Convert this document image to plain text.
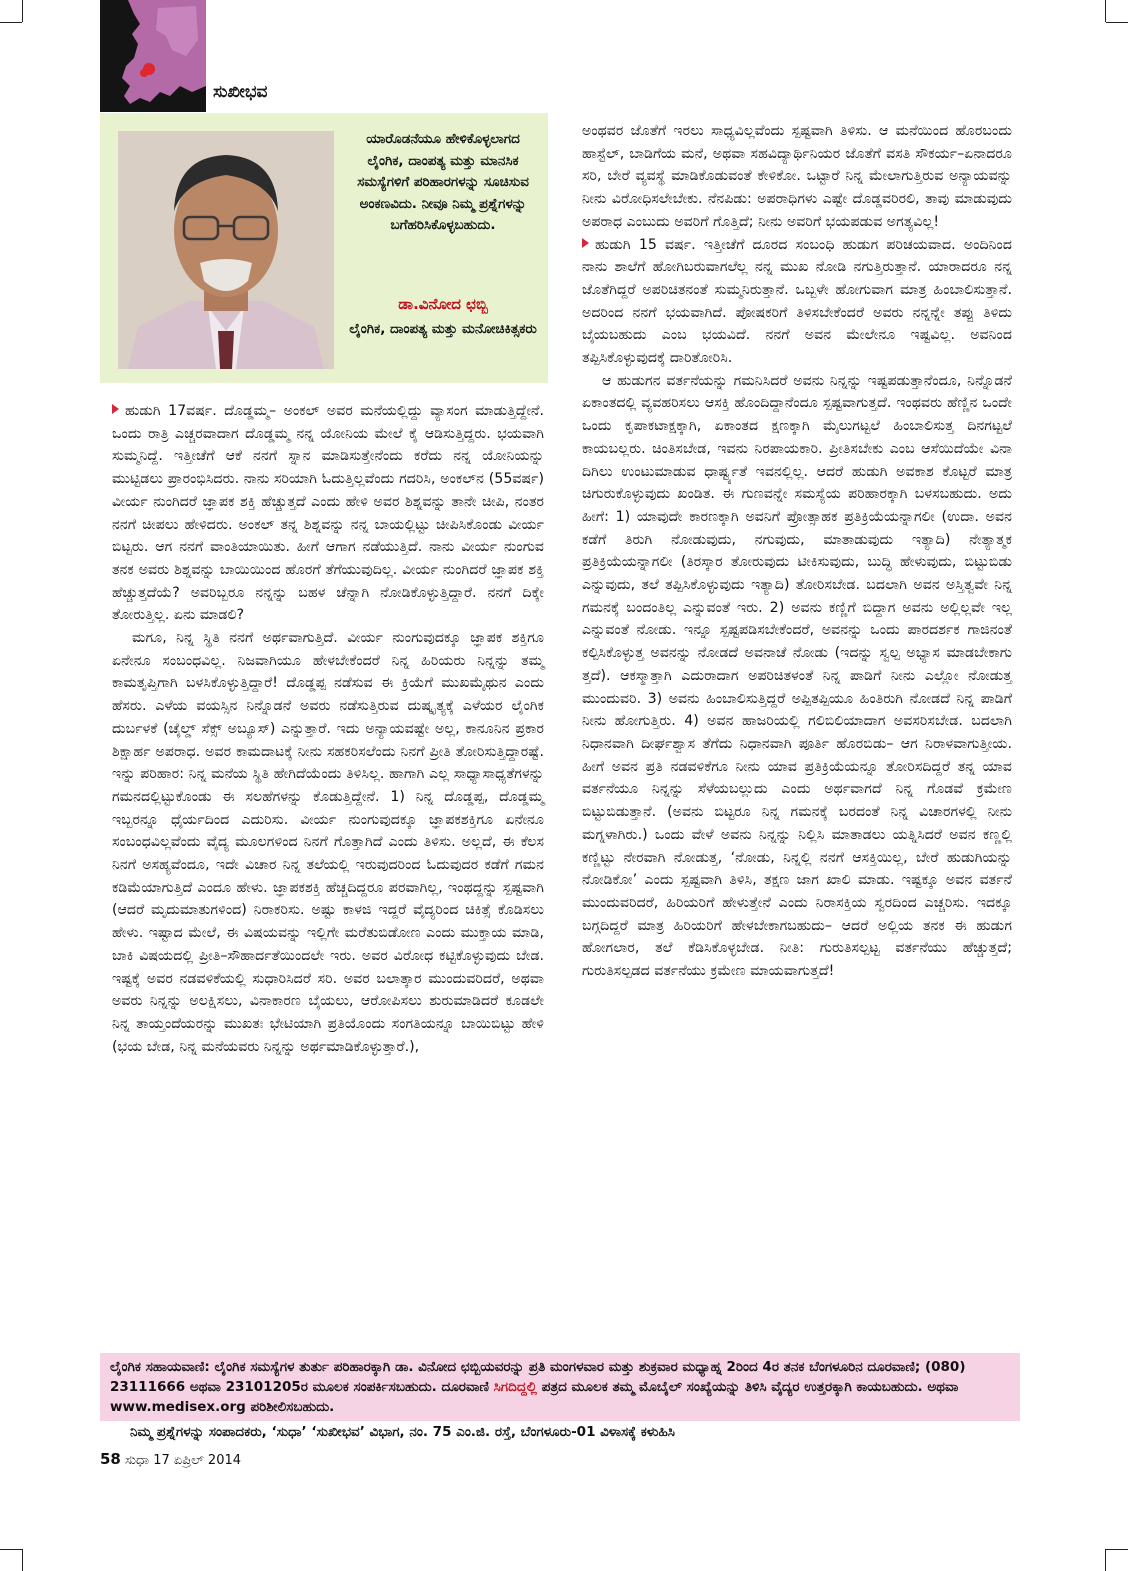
ಸುಖೀಭವ
ಯಾರೊಡನೆಯೂ ಹೇಳಿಕೊಳ್ಳಲಾಗದ ಲೈಂಗಿಕ, ದಾಂಪತ್ಯ ಮತ್ತು ಮಾನಸಿಕ ಸಮಸ್ಯೆಗಳಿಗೆ ಪರಿಹಾರಗಳನ್ನು ಸೂಚಿಸುವ ಅಂಕಣವಿದು. ನೀವೂ ನಿಮ್ಮ ಪ್ರಶ್ನೆಗಳನ್ನು ಬಗೆಹರಿಸಿಕೊಳ್ಳಬಹುದು.
ಡಾ.ವಿನೋದ ಛಬ್ಬಿ
ಲೈಂಗಿಕ, ದಾಂಪತ್ಯ ಮತ್ತು ಮನೋಚಿಕಿತ್ಸಕರು

ಹುಡುಗಿ 17ವರ್ಷ. ದೊಡ್ಡಮ್ಮ– ಅಂಕಲ್ ಅವರ ಮನೆಯಲ್ಲಿದ್ದು ವ್ಯಾಸಂಗ ಮಾಡುತ್ತಿದ್ದೇನೆ. ಒಂದು ರಾತ್ರಿ ಎಚ್ಚರವಾದಾಗ ದೊಡ್ಡಮ್ಮ ನನ್ನ ಯೋನಿಯ ಮೇಲೆ ಕೈ ಆಡಿಸುತ್ತಿದ್ದರು. ಭಯವಾಗಿ ಸುಮ್ಮನಿದ್ದೆ. ಇತ್ತೀಚೆಗೆ ಆಕೆ ನನಗೆ ಸ್ನಾನ ಮಾಡಿಸುತ್ತೇನೆಂದು ಕರೆದು ನನ್ನ ಯೋನಿಯನ್ನು ಮುಟ್ಟಿಡಲು ಪ್ರಾರಂಭಿಸಿದರು. ನಾನು ಸರಿಯಾಗಿ ಓದುತ್ತಿಲ್ಲವೆಂದು ಗದರಿಸಿ, ಅಂಕಲ್‌ನ (55ವರ್ಷ) ವೀರ್ಯ ನುಂಗಿದರೆ ಜ್ಞಾಪಕ ಶಕ್ತಿ ಹೆಚ್ಚುತ್ತದೆ ಎಂದು ಹೇಳಿ ಅವರ ಶಿಶ್ನವನ್ನು ತಾನೇ ಚೀಪಿ, ನಂತರ ನನಗೆ ಚೀಪಲು ಹೇಳಿದರು. ಅಂಕಲ್ ತನ್ನ ಶಿಶ್ನವನ್ನು ನನ್ನ ಬಾಯಲ್ಲಿಟ್ಟು ಚೀಪಿಸಿಕೊಂಡು ವೀರ್ಯ ಬಿಟ್ಟರು. ಆಗ ನನಗೆ ವಾಂತಿಯಾಯಿತು. ಹೀಗೆ ಆಗಾಗ ನಡೆಯುತ್ತಿದೆ. ನಾನು ವೀರ್ಯ ನುಂಗುವ ತನಕ ಅವರು ಶಿಶ್ನವನ್ನು ಬಾಯಿಯಿಂದ ಹೊರಗೆ ತೆಗೆಯುವುದಿಲ್ಲ. ವೀರ್ಯ ನುಂಗಿದರೆ ಜ್ಞಾಪಕ ಶಕ್ತಿ ಹೆಚ್ಚುತ್ತದೆಯೆ? ಅವರಿಬ್ಬರೂ ನನ್ನನ್ನು ಬಹಳ ಚೆನ್ನಾಗಿ ನೋಡಿಕೊಳ್ಳುತ್ತಿದ್ದಾರೆ. ನನಗೆ ದಿಕ್ಕೇ ತೋರುತ್ತಿಲ್ಲ. ಏನು ಮಾಡಲಿ?

ಮಗೂ, ನಿನ್ನ ಸ್ಥಿತಿ ನನಗೆ ಅರ್ಥವಾಗುತ್ತಿದೆ. ವೀರ್ಯ ನುಂಗುವುದಕ್ಕೂ ಜ್ಞಾಪಕ ಶಕ್ತಿಗೂ ಏನೇನೂ ಸಂಬಂಧವಿಲ್ಲ. ನಿಜವಾಗಿಯೂ ಹೇಳಬೇಕೆಂದರೆ ನಿನ್ನ ಹಿರಿಯರು ನಿನ್ನನ್ನು ತಮ್ಮ ಕಾಮತೃಪ್ತಿಗಾಗಿ ಬಳಸಿಕೊಳ್ಳುತ್ತಿದ್ದಾರೆ! ದೊಡ್ಡಪ್ಪ ನಡೆಸುವ ಈ ಕ್ರಿಯೆಗೆ ಮುಖಮೈಥುನ ಎಂದು ಹೆಸರು. ಎಳೆಯ ವಯಸ್ಸಿನ ನಿನ್ನೊಡನೆ ಅವರು ನಡೆಸುತ್ತಿರುವ ದುಷ್ಕೃತ್ಯಕ್ಕೆ ಎಳೆಯರ ಲೈಂಗಿಕ ದುರ್ಬಳಕೆ (ಚೈಲ್ಡ್ ಸೆಕ್ಸ್ ಅಬ್ಯೂಸ್) ಎನ್ನುತ್ತಾರೆ. ಇದು ಅನ್ಯಾಯವಷ್ಟೇ ಅಲ್ಲ, ಕಾನೂನಿನ ಪ್ರಕಾರ ಶಿಕ್ಷಾರ್ಹ ಅಪರಾಧ. ಅವರ ಕಾಮದಾಟಕ್ಕೆ ನೀನು ಸಹಕರಿಸಲೆಂದು ನಿನಗೆ ಪ್ರೀತಿ ತೋರಿಸುತ್ತಿದ್ದಾರಷ್ಟೆ. ಇನ್ನು ಪರಿಹಾರ: ನಿನ್ನ ಮನೆಯ ಸ್ಥಿತಿ ಹೇಗಿದೆಯೆಂದು ತಿಳಿಸಿಲ್ಲ. ಹಾಗಾಗಿ ಎಲ್ಲ ಸಾಧ್ಯಾಸಾಧ್ಯತೆಗಳನ್ನು ಗಮನದಲ್ಲಿಟ್ಟುಕೊಂಡು ಈ ಸಲಹೆಗಳನ್ನು ಕೊಡುತ್ತಿದ್ದೇನೆ. 1) ನಿನ್ನ ದೊಡ್ಡಪ್ಪ, ದೊಡ್ಡಮ್ಮ ಇಬ್ಬರನ್ನೂ ಧೈರ್ಯದಿಂದ ಎದುರಿಸು. ವೀರ್ಯ ನುಂಗುವುದಕ್ಕೂ ಜ್ಞಾಪಕಶಕ್ತಿಗೂ ಏನೇನೂ ಸಂಬಂಧವಿಲ್ಲವೆಂದು ವೈದ್ಯ ಮೂಲಗಳಿಂದ ನಿನಗೆ ಗೊತ್ತಾಗಿದೆ ಎಂದು ತಿಳಿಸು. ಅಲ್ಲದೆ, ಈ ಕೆಲಸ ನಿನಗೆ ಅಸಹ್ಯವೆಂದೂ, ಇದೇ ವಿಚಾರ ನಿನ್ನ ತಲೆಯಲ್ಲಿ ಇರುವುದರಿಂದ ಓದುವುದರ ಕಡೆಗೆ ಗಮನ ಕಡಿಮೆಯಾಗುತ್ತಿದೆ ಎಂದೂ ಹೇಳು. ಜ್ಞಾಪಕಶಕ್ತಿ ಹೆಚ್ಚದಿದ್ದರೂ ಪರವಾಗಿಲ್ಲ, ಇಂಥದ್ದನ್ನು ಸ್ಪಷ್ಟವಾಗಿ (ಆದರೆ ಮೃದುಮಾತುಗಳಿಂದ) ನಿರಾಕರಿಸು. ಅಷ್ಟು ಕಾಳಜಿ ಇದ್ದರೆ ವೈದ್ಯರಿಂದ ಚಿಕಿತ್ಸೆ ಕೊಡಿಸಲು ಹೇಳು. ಇಷ್ಟಾದ ಮೇಲೆ, ಈ ವಿಷಯವನ್ನು ಇಲ್ಲಿಗೇ ಮರೆತುಬಿಡೋಣ ಎಂದು ಮುಕ್ತಾಯ ಮಾಡಿ, ಬಾಕಿ ವಿಷಯದಲ್ಲಿ ಪ್ರೀತಿ–ಸೌಹಾರ್ದತೆಯಿಂದಲೇ ಇರು. ಅವರ ವಿರೋಧ ಕಟ್ಟಿಕೊಳ್ಳುವುದು ಬೇಡ. ಇಷ್ಟಕ್ಕೆ ಅವರ ನಡವಳಿಕೆಯಲ್ಲಿ ಸುಧಾರಿಸಿದರೆ ಸರಿ. ಅವರ ಬಲಾತ್ಕಾರ ಮುಂದುವರಿದರೆ, ಅಥವಾ ಅವರು ನಿನ್ನನ್ನು ಅಲಕ್ಷಿಸಲು, ವಿನಾಕಾರಣ ಬೈಯಲು, ಆರೋಪಿಸಲು ಶುರುಮಾಡಿದರೆ ಕೂಡಲೇ ನಿನ್ನ ತಾಯ್ತಂದೆಯರನ್ನು ಮುಖತಃ ಭೇಟಿಯಾಗಿ ಪ್ರತಿಯೊಂದು ಸಂಗತಿಯನ್ನೂ ಬಾಯಿಬಿಟ್ಟು ಹೇಳಿ (ಭಯ ಬೇಡ, ನಿನ್ನ ಮನೆಯವರು ನಿನ್ನನ್ನು ಅರ್ಥಮಾಡಿಕೊಳ್ಳುತ್ತಾರೆ.),

ಅಂಥವರ ಜೊತೆಗೆ ಇರಲು ಸಾಧ್ಯವಿಲ್ಲವೆಂದು ಸ್ಪಷ್ಟವಾಗಿ ತಿಳಿಸು. ಆ ಮನೆಯಿಂದ ಹೊರಬಂದು ಹಾಸ್ಟೆಲ್, ಬಾಡಿಗೆಯ ಮನೆ, ಅಥವಾ ಸಹವಿದ್ಯಾರ್ಥಿನಿಯರ ಜೊತೆಗೆ ವಸತಿ ಸೌಕರ್ಯ–ಏನಾದರೂ ಸರಿ, ಬೇರೆ ವ್ಯವಸ್ಥೆ ಮಾಡಿಕೊಡುವಂತೆ ಕೇಳಿಕೋ. ಒಟ್ಟಾರೆ ನಿನ್ನ ಮೇಲಾಗುತ್ತಿರುವ ಅನ್ಯಾಯವನ್ನು ನೀನು ವಿರೋಧಿಸಲೇಬೇಕು. ನೆನಪಿಡು: ಅಪರಾಧಿಗಳು ಎಷ್ಟೇ ದೊಡ್ಡವರಿರಲಿ, ತಾವು ಮಾಡುವುದು ಅಪರಾಧ ಎಂಬುದು ಅವರಿಗೆ ಗೊತ್ತಿದೆ; ನೀನು ಅವರಿಗೆ ಭಯಪಡುವ ಅಗತ್ಯವಿಲ್ಲ!

ಹುಡುಗಿ 15 ವರ್ಷ. ಇತ್ತೀಚೆಗೆ ದೂರದ ಸಂಬಂಧಿ ಹುಡುಗ ಪರಿಚಯವಾದ. ಅಂದಿನಿಂದ ನಾನು ಶಾಲೆಗೆ ಹೋಗಿಬರುವಾಗಲೆಲ್ಲ ನನ್ನ ಮುಖ ನೋಡಿ ನಗುತ್ತಿರುತ್ತಾನೆ. ಯಾರಾದರೂ ನನ್ನ ಜೊತೆಗಿದ್ದರೆ ಅಪರಿಚಿತನಂತೆ ಸುಮ್ಮನಿರುತ್ತಾನೆ. ಒಬ್ಬಳೇ ಹೋಗುವಾಗ ಮಾತ್ರ ಹಿಂಬಾಲಿಸುತ್ತಾನೆ. ಅದರಿಂದ ನನಗೆ ಭಯವಾಗಿದೆ. ಪೋಷಕರಿಗೆ ತಿಳಿಸಬೇಕೆಂದರೆ ಅವರು ನನ್ನನ್ನೇ ತಪ್ಪು ತಿಳಿದು ಬೈಯಬಹುದು ಎಂಬ ಭಯವಿದೆ. ನನಗೆ ಅವನ ಮೇಲೇನೂ ಇಷ್ಟವಿಲ್ಲ. ಅವನಿಂದ ತಪ್ಪಿಸಿಕೊಳ್ಳುವುದಕ್ಕೆ ದಾರಿತೋರಿಸಿ.

ಆ ಹುಡುಗನ ವರ್ತನೆಯನ್ನು ಗಮನಿಸಿದರೆ ಅವನು ನಿನ್ನನ್ನು ಇಷ್ಟಪಡುತ್ತಾನೆಂದೂ, ನಿನ್ನೊಡನೆ ಏಕಾಂತದಲ್ಲಿ ವ್ಯವಹರಿಸಲು ಆಸಕ್ತಿ ಹೊಂದಿದ್ದಾನೆಂದೂ ಸ್ಪಷ್ಟವಾಗುತ್ತದೆ. ಇಂಥವರು ಹೆಣ್ಣಿನ ಒಂದೇ ಒಂದು ಕೃಪಾಕಟಾಕ್ಷಕ್ಕಾಗಿ, ಏಕಾಂತದ ಕ್ಷಣಕ್ಕಾಗಿ ಮೈಲುಗಟ್ಟಲೆ ಹಿಂಬಾಲಿಸುತ್ತ ದಿನಗಟ್ಟಲೆ ಕಾಯಬಲ್ಲರು. ಚಿಂತಿಸಬೇಡ, ಇವನು ನಿರಪಾಯಕಾರಿ. ಪ್ರೀತಿಸಬೇಕು ಎಂಬ ಆಸೆಯಿದೆಯೇ ವಿನಾ ದಿಗಿಲು ಉಂಟುಮಾಡುವ ಧಾರ್ಷ್ಟ್ಯತೆ ಇವನಲ್ಲಿಲ್ಲ. ಆದರೆ ಹುಡುಗಿ ಅವಕಾಶ ಕೊಟ್ಟರೆ ಮಾತ್ರ ಚಿಗುರುಕೊಳ್ಳುವುದು ಖಂಡಿತ. ಈ ಗುಣವನ್ನೇ ಸಮಸ್ಯೆಯ ಪರಿಹಾರಕ್ಕಾಗಿ ಬಳಸಬಹುದು. ಅದು ಹೀಗೆ: 1) ಯಾವುದೇ ಕಾರಣಕ್ಕಾಗಿ ಅವನಿಗೆ ಪ್ರೋತ್ಸಾಹಕ ಪ್ರತಿಕ್ರಿಯೆಯನ್ನಾಗಲೀ (ಉದಾ. ಅವನ ಕಡೆಗೆ ತಿರುಗಿ ನೋಡುವುದು, ನಗುವುದು, ಮಾತಾಡುವುದು ಇತ್ಯಾದಿ) ನೇತ್ಯಾತ್ಮಕ ಪ್ರತಿಕ್ರಿಯೆಯನ್ನಾಗಲೀ (ತಿರಸ್ಕಾರ ತೋರುವುದು ಟೀಕಿಸುವುದು, ಬುದ್ಧಿ ಹೇಳುವುದು, ಬಿಟ್ಟುಬಿಡು ಎನ್ನುವುದು, ತಲೆ ತಪ್ಪಿಸಿಕೊಳ್ಳುವುದು ಇತ್ಯಾದಿ) ತೋರಿಸಬೇಡ. ಬದಲಾಗಿ ಅವನ ಅಸ್ತಿತ್ವವೇ ನಿನ್ನ ಗಮನಕ್ಕೆ ಬಂದಂತಿಲ್ಲ ಎನ್ನುವಂತೆ ಇರು. 2) ಅವನು ಕಣ್ಣಿಗೆ ಬಿದ್ದಾಗ ಅವನು ಅಲ್ಲಿಲ್ಲವೇ ಇಲ್ಲ ಎನ್ನುವಂತೆ ನೋಡು. ಇನ್ನೂ ಸ್ಪಷ್ಟಪಡಿಸಬೇಕೆಂದರೆ, ಅವನನ್ನು ಒಂದು ಪಾರದರ್ಶಕ ಗಾಜಿನಂತೆ ಕಲ್ಪಿಸಿಕೊಳ್ಳುತ್ತ ಅವನನ್ನು ನೋಡದೆ ಅವನಾಚೆ ನೋಡು (ಇದನ್ನು ಸ್ವಲ್ಪ ಅಭ್ಯಾಸ ಮಾಡಬೇಕಾಗು ತ್ತದೆ). ಆಕಸ್ಮಾತ್ತಾಗಿ ಎದುರಾದಾಗ ಅಪರಿಚಿತಳಂತೆ ನಿನ್ನ ಪಾಡಿಗೆ ನೀನು ಎಲ್ಲೋ ನೋಡುತ್ತ ಮುಂದುವರಿ. 3) ಅವನು ಹಿಂಬಾಲಿಸುತ್ತಿದ್ದರೆ ಅಪ್ಪಿತಪ್ಪಿಯೂ ಹಿಂತಿರುಗಿ ನೋಡದೆ ನಿನ್ನ ಪಾಡಿಗೆ ನೀನು ಹೋಗುತ್ತಿರು. 4) ಅವನ ಹಾಜರಿಯಲ್ಲಿ ಗಲಿಬಿಲಿಯಾದಾಗ ಅವಸರಿಸಬೇಡ. ಬದಲಾಗಿ ನಿಧಾನವಾಗಿ ದೀರ್ಘಶ್ವಾಸ ತೆಗೆದು ನಿಧಾನವಾಗಿ ಪೂರ್ತಿ ಹೊರಬಿಡು– ಆಗ ನಿರಾಳವಾಗುತ್ತೀಯ. ಹೀಗೆ ಅವನ ಪ್ರತಿ ನಡವಳಿಕೆಗೂ ನೀನು ಯಾವ ಪ್ರತಿಕ್ರಿಯೆಯನ್ನೂ ತೋರಿಸದಿದ್ದರೆ ತನ್ನ ಯಾವ ವರ್ತನೆಯೂ ನಿನ್ನನ್ನು ಸೆಳೆಯಬಲ್ಲುದು ಎಂದು ಅರ್ಥವಾಗದೆ ನಿನ್ನ ಗೊಡವೆ ಕ್ರಮೇಣ ಬಿಟ್ಟುಬಿಡುತ್ತಾನೆ. (ಅವನು ಬಿಟ್ಟರೂ ನಿನ್ನ ಗಮನಕ್ಕೆ ಬರದಂತೆ ನಿನ್ನ ವಿಚಾರಗಳಲ್ಲಿ ನೀನು ಮಗ್ನಳಾಗಿರು.) ಒಂದು ವೇಳೆ ಅವನು ನಿನ್ನನ್ನು ನಿಲ್ಲಿಸಿ ಮಾತಾಡಲು ಯತ್ನಿಸಿದರೆ ಅವನ ಕಣ್ಣಲ್ಲಿ ಕಣ್ಣಿಟ್ಟು ನೇರವಾಗಿ ನೋಡುತ್ತ, ‘ನೋಡು, ನಿನ್ನಲ್ಲಿ ನನಗೆ ಆಸಕ್ತಿಯಿಲ್ಲ, ಬೇರೆ ಹುಡುಗಿಯನ್ನು ನೋಡಿಕೋ’ ಎಂದು ಸ್ಪಷ್ಟವಾಗಿ ತಿಳಿಸಿ, ತಕ್ಷಣ ಜಾಗ ಖಾಲಿ ಮಾಡು. ಇಷ್ಟಕ್ಕೂ ಅವನ ವರ್ತನೆ ಮುಂದುವರಿದರೆ, ಹಿರಿಯರಿಗೆ ಹೇಳುತ್ತೇನೆ ಎಂದು ನಿರಾಸಕ್ತಿಯ ಸ್ವರದಿಂದ ಎಚ್ಚರಿಸು. ಇದಕ್ಕೂ ಬಗ್ಗದಿದ್ದರೆ ಮಾತ್ರ ಹಿರಿಯರಿಗೆ ಹೇಳಬೇಕಾಗಬಹುದು– ಆದರೆ ಅಲ್ಲಿಯ ತನಕ ಈ ಹುಡುಗ ಹೋಗಲಾರ, ತಲೆ ಕೆಡಿಸಿಕೊಳ್ಳಬೇಡ. ನೀತಿ: ಗುರುತಿಸಲ್ಪಟ್ಟ ವರ್ತನೆಯು ಹೆಚ್ಚುತ್ತದೆ; ಗುರುತಿಸಲ್ಪಡದ ವರ್ತನೆಯು ಕ್ರಮೇಣ ಮಾಯವಾಗುತ್ತದೆ!

ಲೈಂಗಿಕ ಸಹಾಯವಾಣಿ: ಲೈಂಗಿಕ ಸಮಸ್ಯೆಗಳ ತುರ್ತು ಪರಿಹಾರಕ್ಕಾಗಿ ಡಾ. ವಿನೋದ ಛಬ್ಬಿಯವರನ್ನು ಪ್ರತಿ ಮಂಗಳವಾರ ಮತ್ತು ಶುಕ್ರವಾರ ಮಧ್ಯಾಹ್ನ 2ರಿಂದ 4ರ ತನಕ ಬೆಂಗಳೂರಿನ ದೂರವಾಣಿ; (080) 23111666 ಅಥವಾ 23101205ರ ಮೂಲಕ ಸಂಪರ್ಕಿಸಬಹುದು. ದೂರವಾಣಿ ಸಿಗದಿದ್ದಲ್ಲಿ ಪತ್ರದ ಮೂಲಕ ತಮ್ಮ ಮೊಬೈಲ್ ಸಂಖ್ಯೆಯನ್ನು ತಿಳಿಸಿ ವೈದ್ಯರ ಉತ್ತರಕ್ಕಾಗಿ ಕಾಯಬಹುದು. ಅಥವಾ www.medisex.org ಪರಿಶೀಲಿಸಬಹುದು.
ನಿಮ್ಮ ಪ್ರಶ್ನೆಗಳನ್ನು ಸಂಪಾದಕರು, ‘ಸುಧಾ’ ‘ಸುಖೀಭವ’ ವಿಭಾಗ, ನಂ. 75 ಎಂ.ಜಿ. ರಸ್ತೆ, ಬೆಂಗಳೂರು-01 ವಿಳಾಸಕ್ಕೆ ಕಳುಹಿಸಿ
58 ಸುಧಾ 17 ಏಪ್ರಿಲ್ 2014
